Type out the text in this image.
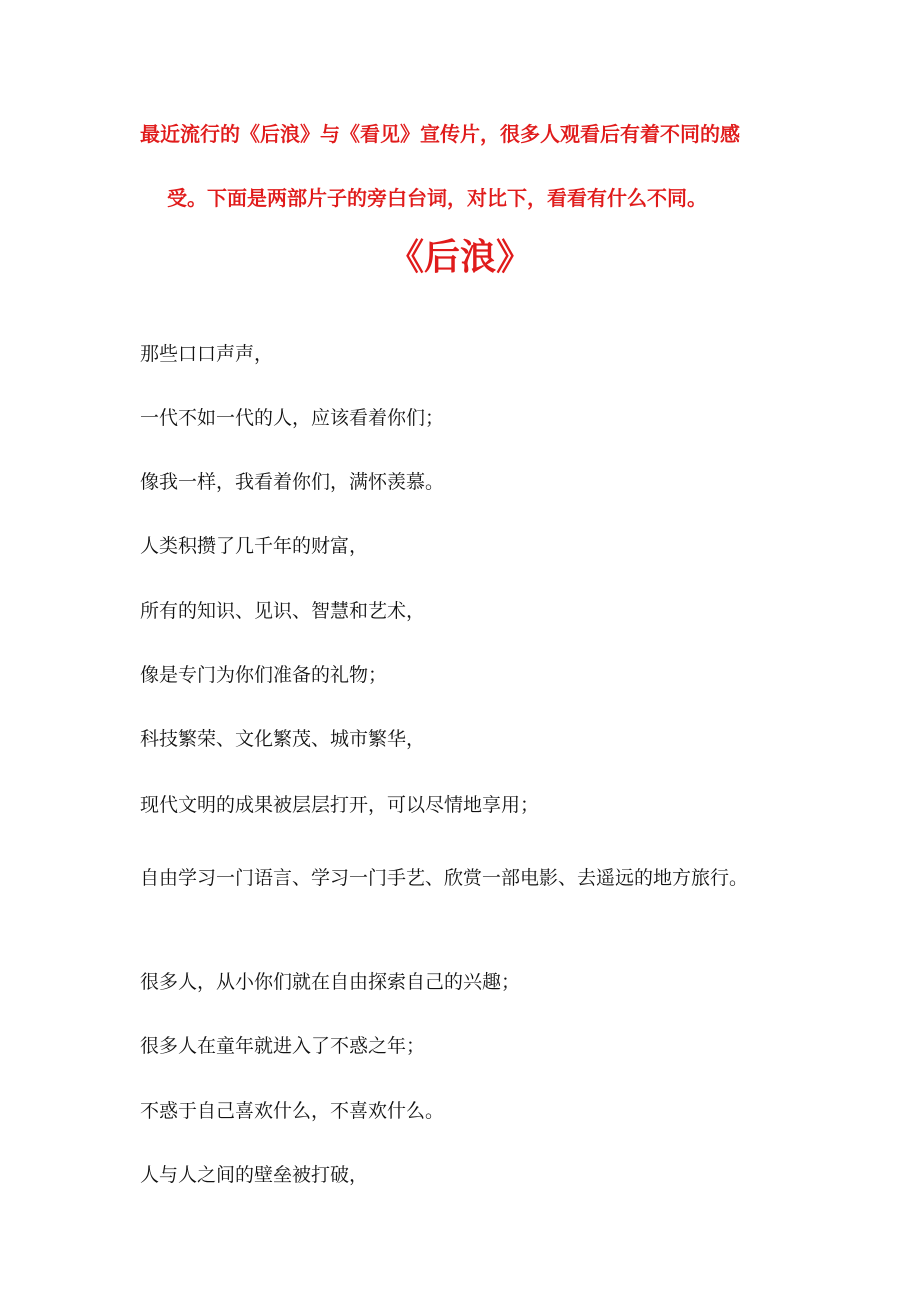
最近流行的《后浪》与《看见》宣传片，很多人观看后有着不同的感
受。下面是两部片子的旁白台词，对比下，看看有什么不同。
《后浪》
那些口口声声，
一代不如一代的人，应该看着你们；
像我一样，我看着你们，满怀羡慕。
人类积攒了几千年的财富，
所有的知识、见识、智慧和艺术，
像是专门为你们准备的礼物；
科技繁荣、文化繁茂、城市繁华，
现代文明的成果被层层打开，可以尽情地享用；
自由学习一门语言、学习一门手艺、欣赏一部电影、去遥远的地方旅行。
很多人，从小你们就在自由探索自己的兴趣；
很多人在童年就进入了不惑之年；
不惑于自己喜欢什么，不喜欢什么。
人与人之间的壁垒被打破，
